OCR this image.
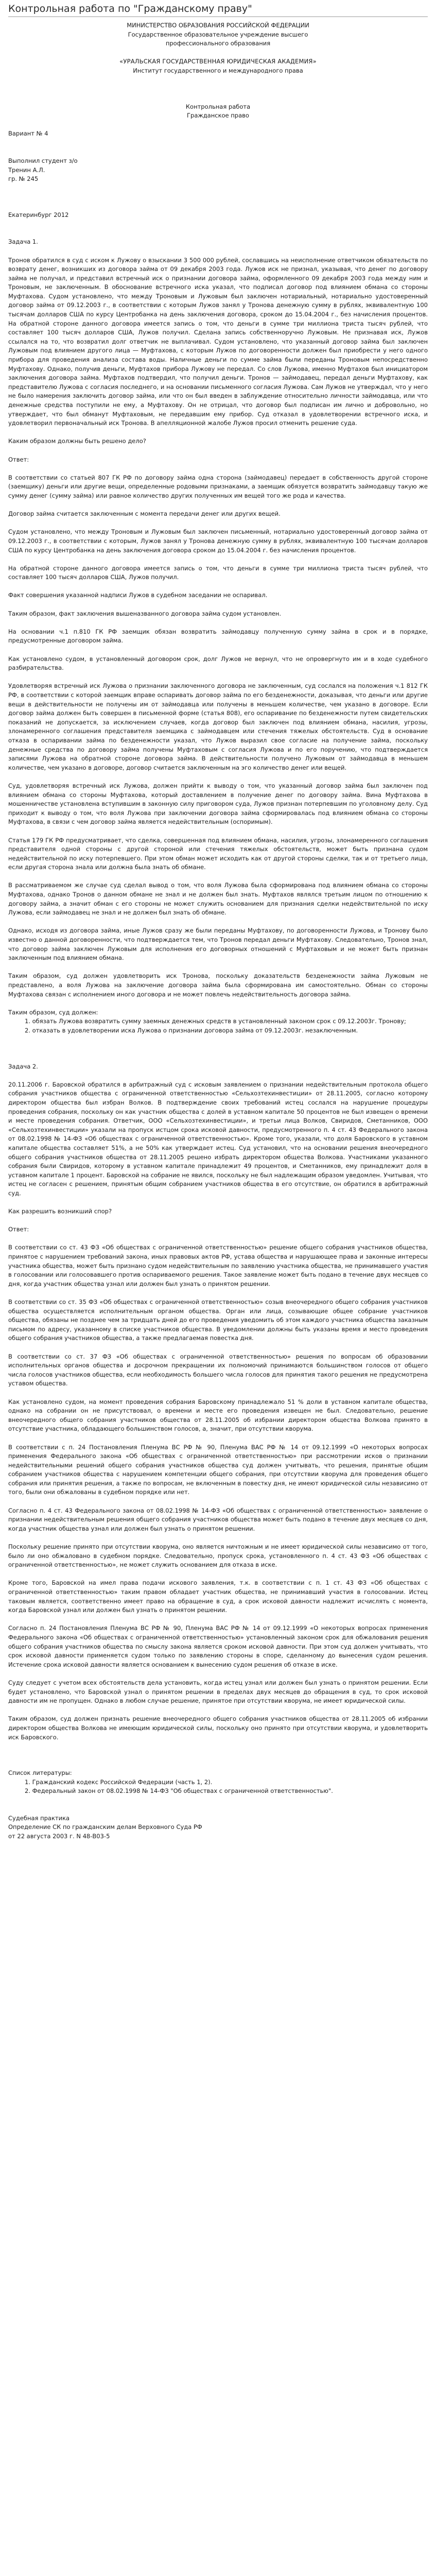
Контрольная работа по "Гражданскому праву"

МИНИСТЕРСТВО ОБРАЗОВАНИЯ РОССИЙСКОЙ ФЕДЕРАЦИИ

Государственное образовательное учреждение высшего

профессионального образования

«УРАЛЬСКАЯ ГОСУДАРСТВЕННАЯ ЮРИДИЧЕСКАЯ АКАДЕМИЯ»

Институт государственного и международного права

Контрольная работа

Гражданское право

Вариант № 4

Выполнил студент з/о

Тренин А.Л.

гр. № 245

Екатеринбург 2012

Задача 1.

Тронов обратился в суд с иском к Лужову о взыскании 3 500 000 рублей, сославшись на неисполнение ответчиком обязательств по возврату денег, возникших из договора займа от 09 декабря 2003 года. Лужов иск не признал, указывая, что денег по договору займа не получал, и представил встречный иск о признании договора займа, оформленного 09 декабря 2003 года между ним и Троновым, не заключенным. В обоснование встречного иска указал, что подписал договор под влиянием обмана со стороны Муфтахова. Судом установлено, что между Троновым и Лужовым был заключен нотариальный, нотариально удостоверенный договор займа от 09.12.2003 г., в соответствии с которым Лужов занял у Тронова денежную сумму в рублях, эквивалентную 100 тысячам долларов США по курсу Центробанка на день заключения договора, сроком до 15.04.2004 г., без начисления процентов. На обратной стороне данного договора имеется запись о том, что деньги в сумме три миллиона триста тысяч рублей, что составляет 100 тысяч долларов США, Лужов получил. Сделана запись собственноручно Лужовым. Не признавая иск, Лужов ссылался на то, что возвратил долг ответчик не выплачивал. Судом установлено, что указанный договор займа был заключен Лужовым под влиянием другого лица — Муфтахова, с которым Лужов по договоренности должен был приобрести у него одного прибора для проведения анализа состава воды. Наличные деньги по сумме займа были переданы Троновым непосредственно Муфтахову. Однако, получив деньги, Муфтахов прибора Лужову не передал. Со слов Лужова, именно Муфтахов был инициатором заключения договора займа. Муфтахов подтвердил, что получил деньги. Тронов — займодавец, передал деньги Муфтахову, как представителю Лужова с согласия последнего, и на основании письменного согласия Лужова. Сам Лужов не утверждал, что у него не было намерения заключить договор займа, или что он был введен в заблуждение относительно личности займодавца, или что денежные средства поступили не ему, а Муфтахову. Он не отрицал, что договор был подписан им лично и добровольно, но утверждает, что был обманут Муфтаховым, не передавшим ему прибор. Суд отказал в удовлетворении встречного иска, и удовлетворил первоначальный иск Тронова. В апелляционной жалобе Лужов просил отменить решение суда.

Каким образом должны быть решено дело?

Ответ:

В соответствии со статьей 807 ГК РФ по договору займа одна сторона (займодавец) передает в собственность другой стороне (заемщику) деньги или другие вещи, определенные родовыми признаками, а заемщик обязуется возвратить займодавцу такую же сумму денег (сумму займа) или равное количество других полученных им вещей того же рода и качества.

Договор займа считается заключенным с момента передачи денег или других вещей.

Судом установлено, что между Троновым и Лужовым был заключен письменный, нотариально удостоверенный договор займа от 09.12.2003 г., в соответствии с которым, Лужов занял у Тронова денежную сумму в рублях, эквивалентную 100 тысячам долларов США по курсу Центробанка на день заключения договора сроком до 15.04.2004 г. без начисления процентов.

На обратной стороне данного договора имеется запись о том, что деньги в сумме три миллиона триста тысяч рублей, что составляет 100 тысяч долларов США, Лужов получил.

Факт совершения указанной надписи Лужов в судебном заседании не оспаривал.

Таким образом, факт заключения вышеназванного договора займа судом установлен.

На основании ч.1 п.810 ГК РФ заемщик обязан возвратить займодавцу полученную сумму займа в срок и в порядке, предусмотренные договором займа.

Как установлено судом, в установленный договором срок, долг Лужов не вернул, что не опровергнуто им и в ходе судебного разбирательства.

Удовлетворяя встречный иск Лужова о признании заключенного договора не заключенным, суд сослался на положения ч.1 812 ГК РФ, в соответствии с которой заемщик вправе оспаривать договор займа по его безденежности, доказывая, что деньги или другие вещи в действительности не получены им от займодавца или получены в меньшем количестве, чем указано в договоре. Если договор займа должен быть совершен в письменной форме (статья 808), его оспаривание по безденежности путем свидетельских показаний не допускается, за исключением случаев, когда договор был заключен под влиянием обмана, насилия, угрозы, злонамеренного соглашения представителя заемщика с займодавцем или стечения тяжелых обстоятельств. Суд в основание отказа в оспаривании займа по безденежности указал, что Лужов выразил свое согласие на получение займа, поскольку денежные средства по договору займа получены Муфтаховым с согласия Лужова и по его поручению, что подтверждается записями Лужова на обратной стороне договора займа. В действительности получено Лужовым от займодавца в меньшем количестве, чем указано в договоре, договор считается заключенным на эго количество денег или вещей.

Суд, удовлетворяя встречный иск Лужова, должен прийти к выводу о том, что указанный договор займа был заключен под влиянием обмана со стороны Муфтахова, который доставлением в получение денег по договору займа. Вина Муфтахова в мошенничестве установлена вступившим в законную силу приговором суда, Лужов признан потерпевшим по уголовному делу. Суд приходит к выводу о том, что воля Лужова при заключении договора займа сформировалась под влиянием обмана со стороны Муфтахова, в связи с чем договор займа является недействительным (оспоримым).

Статья 179 ГК РФ предусматривает, что сделка, совершенная под влиянием обмана, насилия, угрозы, злонамеренного соглашения представителя одной стороны с другой стороной или стечения тяжелых обстоятельств, может быть признана судом недействительной по иску потерпевшего. При этом обман может исходить как от другой стороны сделки, так и от третьего лица, если другая сторона знала или должна была знать об обмане.

В рассматриваемом же случае суд сделал вывод о том, что воля Лужова была сформирована под влиянием обмана со стороны Муфтахова, однако Тронов о данном обмане не знал и не должен был знать. Муфтахов являлся третьим лицом по отношению к договору займа, а значит обман с его стороны не может служить основанием для признания сделки недействительной по иску Лужова, если займодавец не знал и не должен был знать об обмане.

Однако, исходя из договора займа, иные Лужов сразу же были переданы Муфтахову, по договоренности Лужова, и Тронову было известно о данной договоренности, что подтверждается тем, что Тронов передал деньги Муфтахову. Следовательно, Тронов знал, что договор займа заключен Лужовым для исполнения его договорных отношений с Муфтаховым и не может быть признан заключенным под влиянием обмана.

Таким образом, суд должен удовлетворить иск Тронова, поскольку доказательств безденежности займа Лужовым не представлено, а воля Лужова на заключение договора займа была сформирована им самостоятельно. Обман со стороны Муфтахова связан с исполнением иного договора и не может повлечь недействительность договора займа.

Таким образом, суд должен:

1. обязать Лужова возвратить сумму заемных денежных средств в установленный законом срок с 09.12.2003г. Тронову;
2. отказать в удовлетворении иска Лужова о признании договора займа от 09.12.2003г. незаключенным.

Задача 2.

20.11.2006 г. Баровской обратился в арбитражный суд с исковым заявлением о признании недействительным протокола общего собрания участников общества с ограниченной ответственностью «Сельхозтехинвестиции» от 28.11.2005, согласно которому директором общества был избран Волков. В подтверждение своих требований истец сослался на нарушение процедуры проведения собрания, поскольку он как участник общества с долей в уставном капитале 50 процентов не был извещен о времени и месте проведения собрания. Ответчик, ООО «Сельхозтехинвестиции», и третьи лица Волков, Свиридов, Сметанников, ООО «Сельхозтехинвестиции» указали на пропуск истцом срока исковой давности, предусмотренного п. 4 ст. 43 Федерального закона от 08.02.1998 № 14-ФЗ «Об обществах с ограниченной ответственностью». Кроме того, указали, что доля Баровского в уставном капитале общества составляет 51%, а не 50% как утверждает истец. Суд установил, что на основании решения внеочередного общего собрания участников общества от 28.11.2005 решено избрать директором общества Волкова. Участниками указанного собрания были Свиридов, которому в уставном капитале принадлежит 49 процентов, и Сметанников, ему принадлежит доля в уставном капитале 1 процент. Баровской на собрание не явился, поскольку не был надлежащим образом уведомлен. Учитывая, что истец не согласен с решением, принятым общим собранием участников общества в его отсутствие, он обратился в арбитражный суд.

Как разрешить возникший спор?

Ответ:

В соответствии со ст. 43 ФЗ «Об обществах с ограниченной ответственностью» решение общего собрания участников общества, принятое с нарушением требований закона, иных правовых актов РФ, устава общества и нарушающее права и законные интересы участника общества, может быть признано судом недействительным по заявлению участника общества, не принимавшего участия в голосовании или голосовавшего против оспариваемого решения. Такое заявление может быть подано в течение двух месяцев со дня, когда участник общества узнал или должен был узнать о принятом решении.

В соответствии со ст. 35 ФЗ «Об обществах с ограниченной ответственностью» созыв внеочередного общего собрания участников общества осуществляется исполнительным органом общества. Орган или лица, созывающие общее собрание участников общества, обязаны не позднее чем за тридцать дней до его проведения уведомить об этом каждого участника общества заказным письмом по адресу, указанному в списке участников общества. В уведомлении должны быть указаны время и место проведения общего собрания участников общества, а также предлагаемая повестка дня.

В соответствии со ст. 37 ФЗ «Об обществах с ограниченной ответственностью» решения по вопросам об образовании исполнительных органов общества и досрочном прекращении их полномочий принимаются большинством голосов от общего числа голосов участников общества, если необходимость большего числа голосов для принятия такого решения не предусмотрена уставом общества.

Как установлено судом, на момент проведения собрания Баровскому принадлежало 51 % доли в уставном капитале общества, однако на собрании он не присутствовал, о времени и месте его проведения извещен не был. Следовательно, решение внеочередного общего собрания участников общества от 28.11.2005 об избрании директором общества Волкова принято в отсутствие участника, обладающего большинством голосов, а, значит, при отсутствии кворума.

В соответствии с п. 24 Постановления Пленума ВС РФ № 90, Пленума ВАС РФ № 14 от 09.12.1999 «О некоторых вопросах применения Федерального закона «Об обществах с ограниченной ответственностью» при рассмотрении исков о признании недействительными решений общего собрания участников общества суд должен учитывать, что решения, принятые общим собранием участников общества с нарушением компетенции общего собрания, при отсутствии кворума для проведения общего собрания или принятия решения, а также по вопросам, не включенным в повестку дня, не имеют юридической силы независимо от того, были они обжалованы в судебном порядке или нет.

Согласно п. 4 ст. 43 Федерального закона от 08.02.1998 № 14-ФЗ «Об обществах с ограниченной ответственностью» заявление о признании недействительным решения общего собрания участников общества может быть подано в течение двух месяцев со дня, когда участник общества узнал или должен был узнать о принятом решении.

Поскольку решение принято при отсутствии кворума, оно является ничтожным и не имеет юридической силы независимо от того, было ли оно обжаловано в судебном порядке. Следовательно, пропуск срока, установленного п. 4 ст. 43 ФЗ «Об обществах с ограниченной ответственностью», не может служить основанием для отказа в иске.

Кроме того, Баровской на имел права подачи искового заявления, т.к. в соответствии с п. 1 ст. 43 ФЗ «Об обществах с ограниченной ответственностью» таким правом обладает участник общества, не принимавший участия в голосовании. Истец таковым является, соответственно имеет право на обращение в суд, а срок исковой давности надлежит исчислять с момента, когда Баровской узнал или должен был узнать о принятом решении.

Согласно п. 24 Постановления Пленума ВС РФ № 90, Пленума ВАС РФ № 14 от 09.12.1999 «О некоторых вопросах применения Федерального закона «Об обществах с ограниченной ответственностью» установленный законом срок для обжалования решения общего собрания участников общества по смыслу закона является сроком исковой давности. При этом суд должен учитывать, что срок исковой давности применяется судом только по заявлению стороны в споре, сделанному до вынесения судом решения. Истечение срока исковой давности является основанием к вынесению судом решения об отказе в иске.

Суду следует с учетом всех обстоятельств дела установить, когда истец узнал или должен был узнать о принятом решении. Если будет установлено, что Баровской узнал о принятом решении в пределах двух месяцев до обращения в суд, то срок исковой давности им не пропущен. Однако в любом случае решение, принятое при отсутствии кворума, не имеет юридической силы.

Таким образом, суд должен признать решение внеочередного общего собрания участников общества от 28.11.2005 об избрании директором общества Волкова не имеющим юридической силы, поскольку оно принято при отсутствии кворума, и удовлетворить иск Баровского.

Список литературы:

1. Гражданский кодекс Российской Федерации (часть 1, 2).
2. Федеральный закон от 08.02.1998 № 14-ФЗ "Об обществах с ограниченной ответственностью".

Судебная практика

Определение СК по гражданским делам Верховного Суда РФ

от 22 августа 2003 г. N 48-В03-5
